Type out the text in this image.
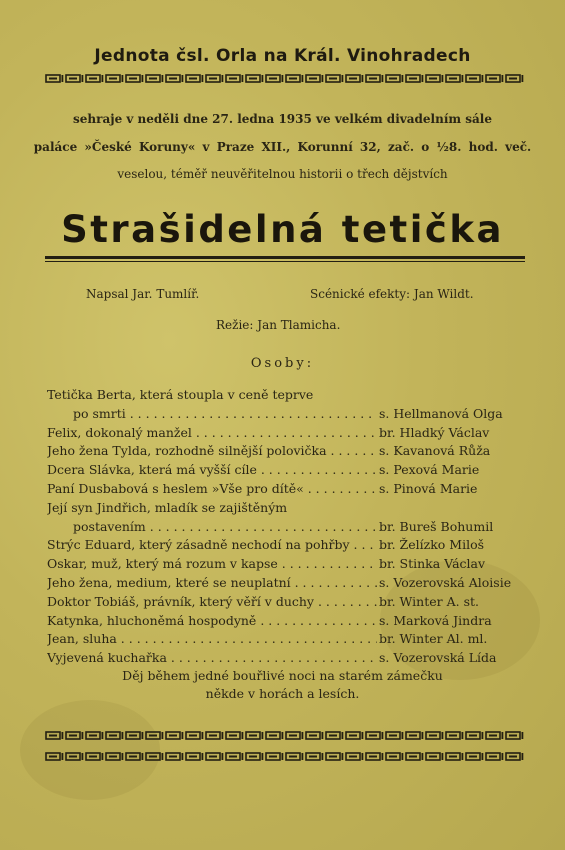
Jednota čsl. Orla na Král. Vinohradech
sehraje v neděli dne 27. ledna 1935 ve velkém divadelním sále
paláce »České Koruny« v Praze XII., Korunní 32, zač. o ½8. hod. več.
veselou, téměř neuvěřitelnou historii o třech dějstvích
Strašidelná tetička
Napsal Jar. Tumlíř.	Scénické efekty: Jan Wildt.
Režie: Jan Tlamicha.
Osoby:
Tetička Berta, která stoupla v ceně teprve
po smrti . . .	s. Hellmanová Olga
Felix, dokonalý manžel . . .	br. Hladký Václav
Jeho žena Tylda, rozhodně silnější polovička . . .	s. Kavanová Růža
Dcera Slávka, která má vyšší cíle . . .	s. Pexová Marie
Paní Dusbabová s heslem »Vše pro dítě« . . .	s. Pinová Marie
Její syn Jindřich, mladík se zajištěným
postavením . . .	br. Bureš Bohumil
Strýc Eduard, který zásadně nechodí na pohřby . . .	br. Želízko Miloš
Oskar, muž, který má rozum v kapse . . .	br. Stinka Václav
Jeho žena, medium, které se neuplatní . . .	s. Vozerovská Aloisie
Doktor Tobiáš, právník, který věří v duchy . . .	br. Winter A. st.
Katynka, hluchoněmá hospodyně . . .	s. Marková Jindra
Jean, sluha . . .	br. Winter Al. ml.
Vyjevená kuchařka . . .	s. Vozerovská Lída
Děj během jedné bouřlivé noci na starém zámečku
někde v horách a lesích.
